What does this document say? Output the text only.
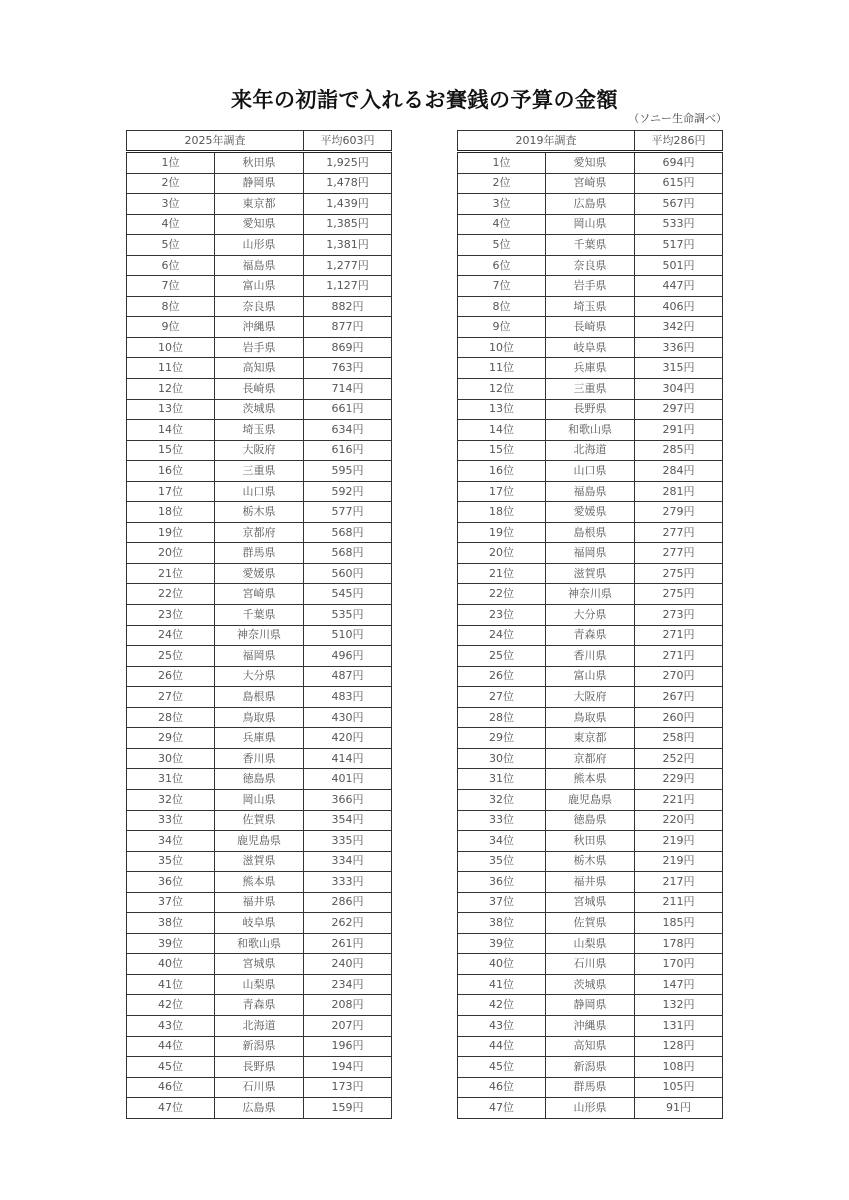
来年の初詣で入れるお賽銭の予算の金額
（ソニー生命調べ）
2025年調査		平均603円
1位	秋田県	1,925円
2位	静岡県	1,478円
3位	東京都	1,439円
4位	愛知県	1,385円
5位	山形県	1,381円
6位	福島県	1,277円
7位	富山県	1,127円
8位	奈良県	882円
9位	沖縄県	877円
10位	岩手県	869円
11位	高知県	763円
12位	長崎県	714円
13位	茨城県	661円
14位	埼玉県	634円
15位	大阪府	616円
16位	三重県	595円
17位	山口県	592円
18位	栃木県	577円
19位	京都府	568円
20位	群馬県	568円
21位	愛媛県	560円
22位	宮崎県	545円
23位	千葉県	535円
24位	神奈川県	510円
25位	福岡県	496円
26位	大分県	487円
27位	島根県	483円
28位	鳥取県	430円
29位	兵庫県	420円
30位	香川県	414円
31位	徳島県	401円
32位	岡山県	366円
33位	佐賀県	354円
34位	鹿児島県	335円
35位	滋賀県	334円
36位	熊本県	333円
37位	福井県	286円
38位	岐阜県	262円
39位	和歌山県	261円
40位	宮城県	240円
41位	山梨県	234円
42位	青森県	208円
43位	北海道	207円
44位	新潟県	196円
45位	長野県	194円
46位	石川県	173円
47位	広島県	159円
2019年調査		平均286円
1位	愛知県	694円
2位	宮崎県	615円
3位	広島県	567円
4位	岡山県	533円
5位	千葉県	517円
6位	奈良県	501円
7位	岩手県	447円
8位	埼玉県	406円
9位	長崎県	342円
10位	岐阜県	336円
11位	兵庫県	315円
12位	三重県	304円
13位	長野県	297円
14位	和歌山県	291円
15位	北海道	285円
16位	山口県	284円
17位	福島県	281円
18位	愛媛県	279円
19位	島根県	277円
20位	福岡県	277円
21位	滋賀県	275円
22位	神奈川県	275円
23位	大分県	273円
24位	青森県	271円
25位	香川県	271円
26位	富山県	270円
27位	大阪府	267円
28位	鳥取県	260円
29位	東京都	258円
30位	京都府	252円
31位	熊本県	229円
32位	鹿児島県	221円
33位	徳島県	220円
34位	秋田県	219円
35位	栃木県	219円
36位	福井県	217円
37位	宮城県	211円
38位	佐賀県	185円
39位	山梨県	178円
40位	石川県	170円
41位	茨城県	147円
42位	静岡県	132円
43位	沖縄県	131円
44位	高知県	128円
45位	新潟県	108円
46位	群馬県	105円
47位	山形県	91円
